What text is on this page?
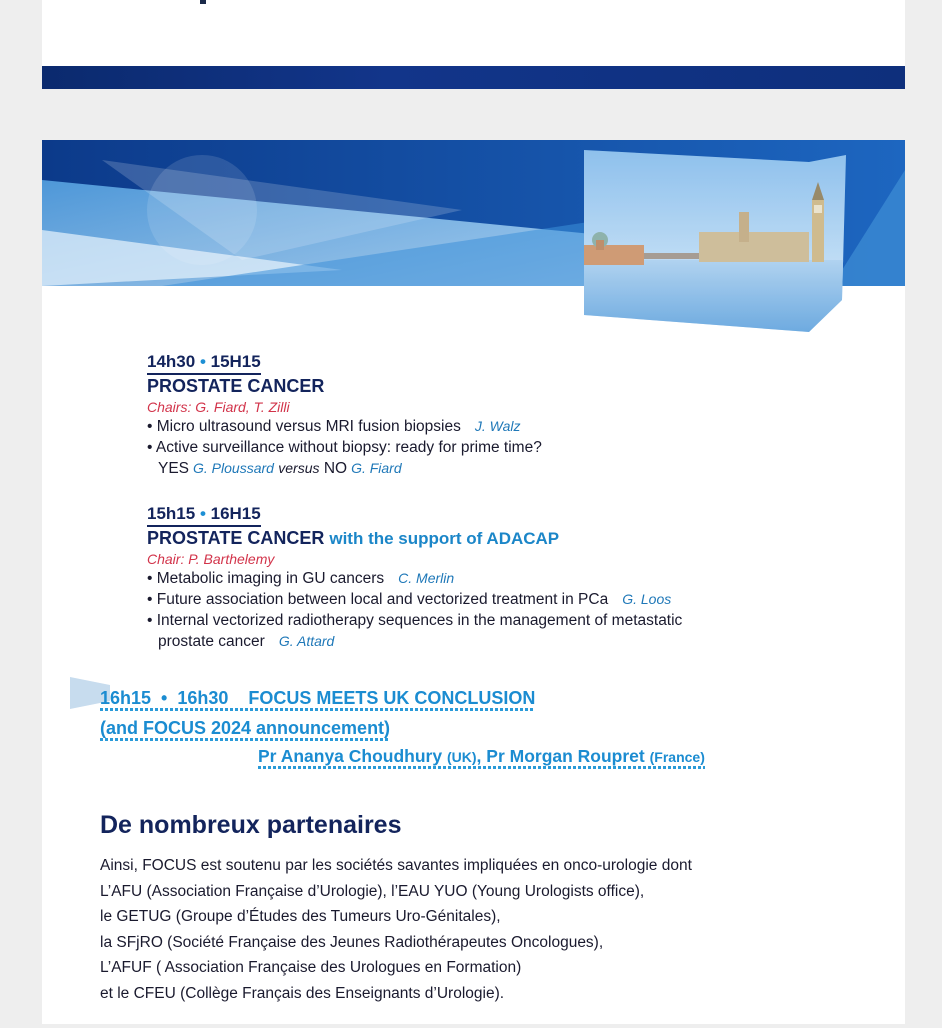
14h30 • 15H15
PROSTATE CANCER
Chairs: G. Fiard, T. Zilli
• Micro ultrasound versus MRI fusion biopsies J. Walz
• Active surveillance without biopsy: ready for prime time?
YES G. Ploussard versus NO G. Fiard
15h15 • 16H15
PROSTATE CANCER with the support of ADACAP
Chair: P. Barthelemy
• Metabolic imaging in GU cancers C. Merlin
• Future association between local and vectorized treatment in PCa G. Loos
• Internal vectorized radiotherapy sequences in the management of metastatic
prostate cancer G. Attard
16h15  •  16h30    FOCUS MEETS UK CONCLUSION
(and FOCUS 2024 announcement)
Pr Ananya Choudhury (UK), Pr Morgan Roupret (France)
De nombreux partenaires
Ainsi, FOCUS est soutenu par les sociétés savantes impliquées en onco-urologie dont
L’AFU (Association Française d’Urologie), l’EAU YUO (Young Urologists office),
le GETUG (Groupe d’Études des Tumeurs Uro-Génitales),
la SFjRO (Société Française des Jeunes Radiothérapeutes Oncologues),
L’AFUF ( Association Française des Urologues en Formation)
et le CFEU (Collège Français des Enseignants d’Urologie).
